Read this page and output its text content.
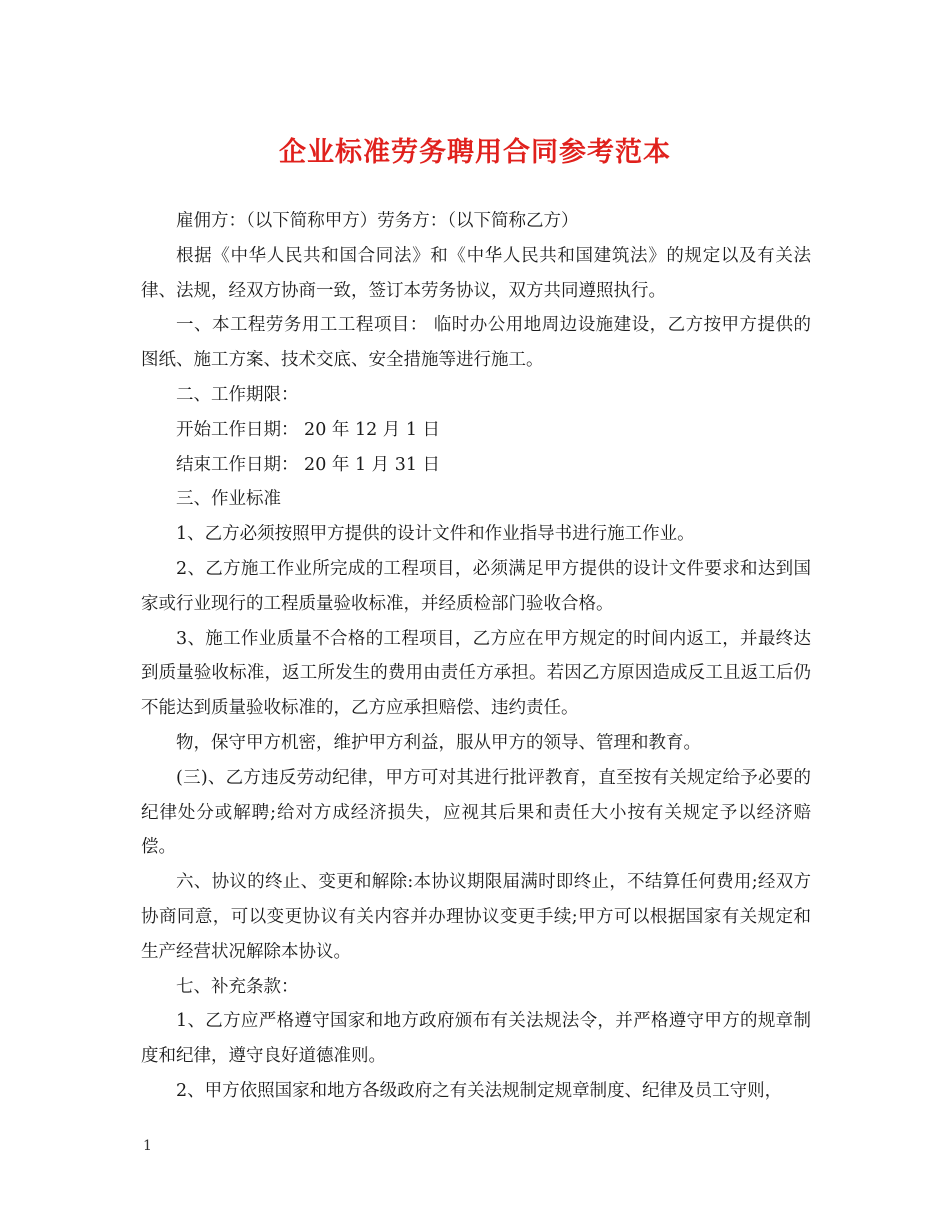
企业标准劳务聘用合同参考范本

雇佣方：（以下简称甲方）劳务方：（以下简称乙方）

根据《中华人民共和国合同法》和《中华人民共和国建筑法》的规定以及有关法律、法规，经双方协商一致，签订本劳务协议，双方共同遵照执行。

一、本工程劳务用工工程项目： 临时办公用地周边设施建设，乙方按甲方提供的图纸、施工方案、技术交底、安全措施等进行施工。

二、工作期限：

开始工作日期： 20 年 12 月 1 日

结束工作日期： 20 年 1 月 31 日

三、作业标准

1、乙方必须按照甲方提供的设计文件和作业指导书进行施工作业。

2、乙方施工作业所完成的工程项目，必须满足甲方提供的设计文件要求和达到国家或行业现行的工程质量验收标准，并经质检部门验收合格。

3、施工作业质量不合格的工程项目，乙方应在甲方规定的时间内返工，并最终达到质量验收标准，返工所发生的费用由责任方承担。若因乙方原因造成反工且返工后仍不能达到质量验收标准的，乙方应承担赔偿、违约责任。

物，保守甲方机密，维护甲方利益，服从甲方的领导、管理和教育。

(三)、乙方违反劳动纪律，甲方可对其进行批评教育，直至按有关规定给予必要的纪律处分或解聘;给对方成经济损失，应视其后果和责任大小按有关规定予以经济赔偿。

六、协议的终止、变更和解除:本协议期限届满时即终止，不结算任何费用;经双方协商同意，可以变更协议有关内容并办理协议变更手续;甲方可以根据国家有关规定和生产经营状况解除本协议。

七、补充条款：

1、乙方应严格遵守国家和地方政府颁布有关法规法令，并严格遵守甲方的规章制度和纪律，遵守良好道德准则。

2、甲方依照国家和地方各级政府之有关法规制定规章制度、纪律及员工守则，

1
